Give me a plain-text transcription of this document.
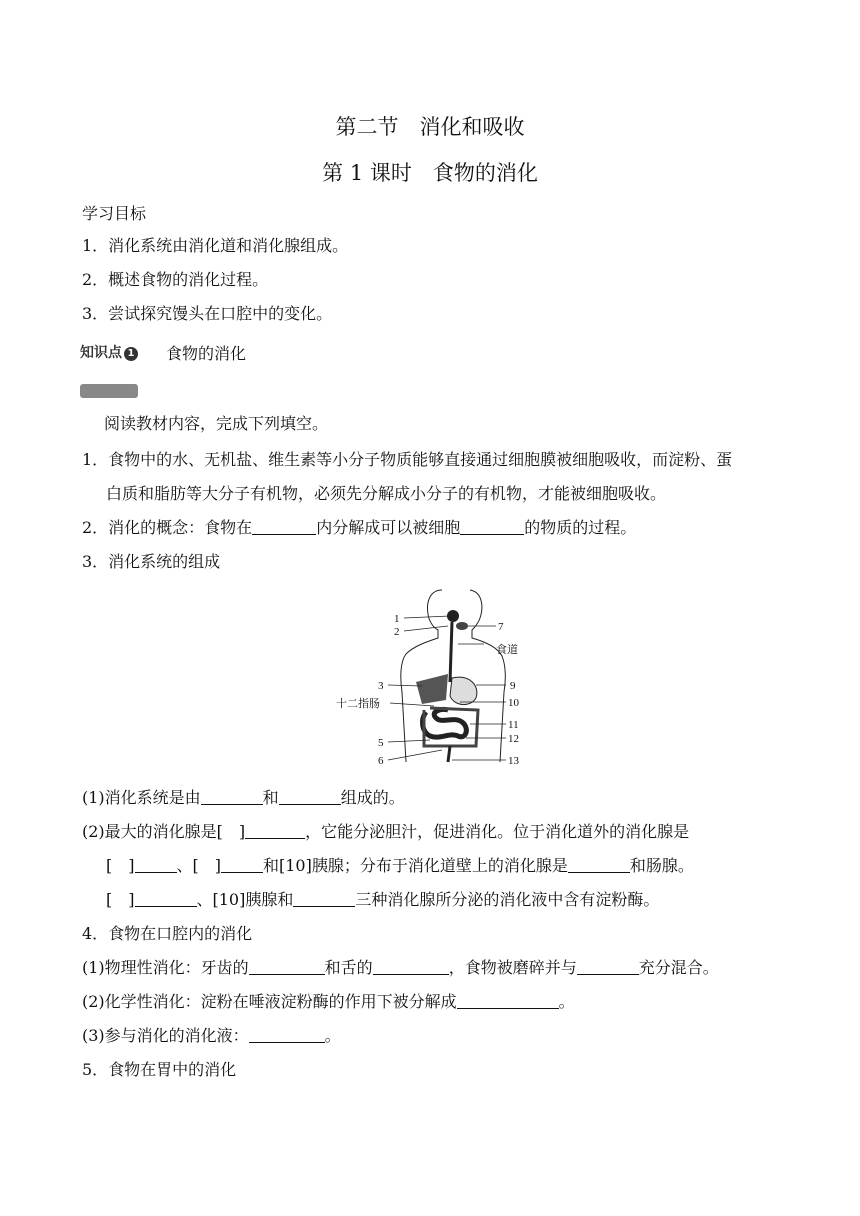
第二节　消化和吸收
第 1 课时　食物的消化
学习目标
1．消化系统由消化道和消化腺组成。
2．概述食物的消化过程。
3．尝试探究馒头在口腔中的变化。
知识点 1 食物的消化
阅读教材内容，完成下列填空。
1．食物中的水、无机盐、维生素等小分子物质能够直接通过细胞膜被细胞吸收，而淀粉、蛋
白质和脂肪等大分子有机物，必须先分解成小分子的有机物，才能被细胞吸收。
2．消化的概念：食物在	内分解成可以被细胞	的物质的过程。
3．消化系统的组成
1
2	7
食道
3	9
十二指肠	10
11
12
5
6	13
(1)消化系统是由	和	组成的。
(2)最大的消化腺是[　]	，它能分泌胆汁，促进消化。位于消化道外的消化腺是
[　]	、[　]	和[10]胰腺；分布于消化道壁上的消化腺是	和肠腺。
[　]	、[10]胰腺和	三种消化腺所分泌的消化液中含有淀粉酶。
4．食物在口腔内的消化
(1)物理性消化：牙齿的	和舌的	，食物被磨碎并与	充分混合。
(2)化学性消化：淀粉在唾液淀粉酶的作用下被分解成	。
(3)参与消化的消化液：	。
5．食物在胃中的消化
